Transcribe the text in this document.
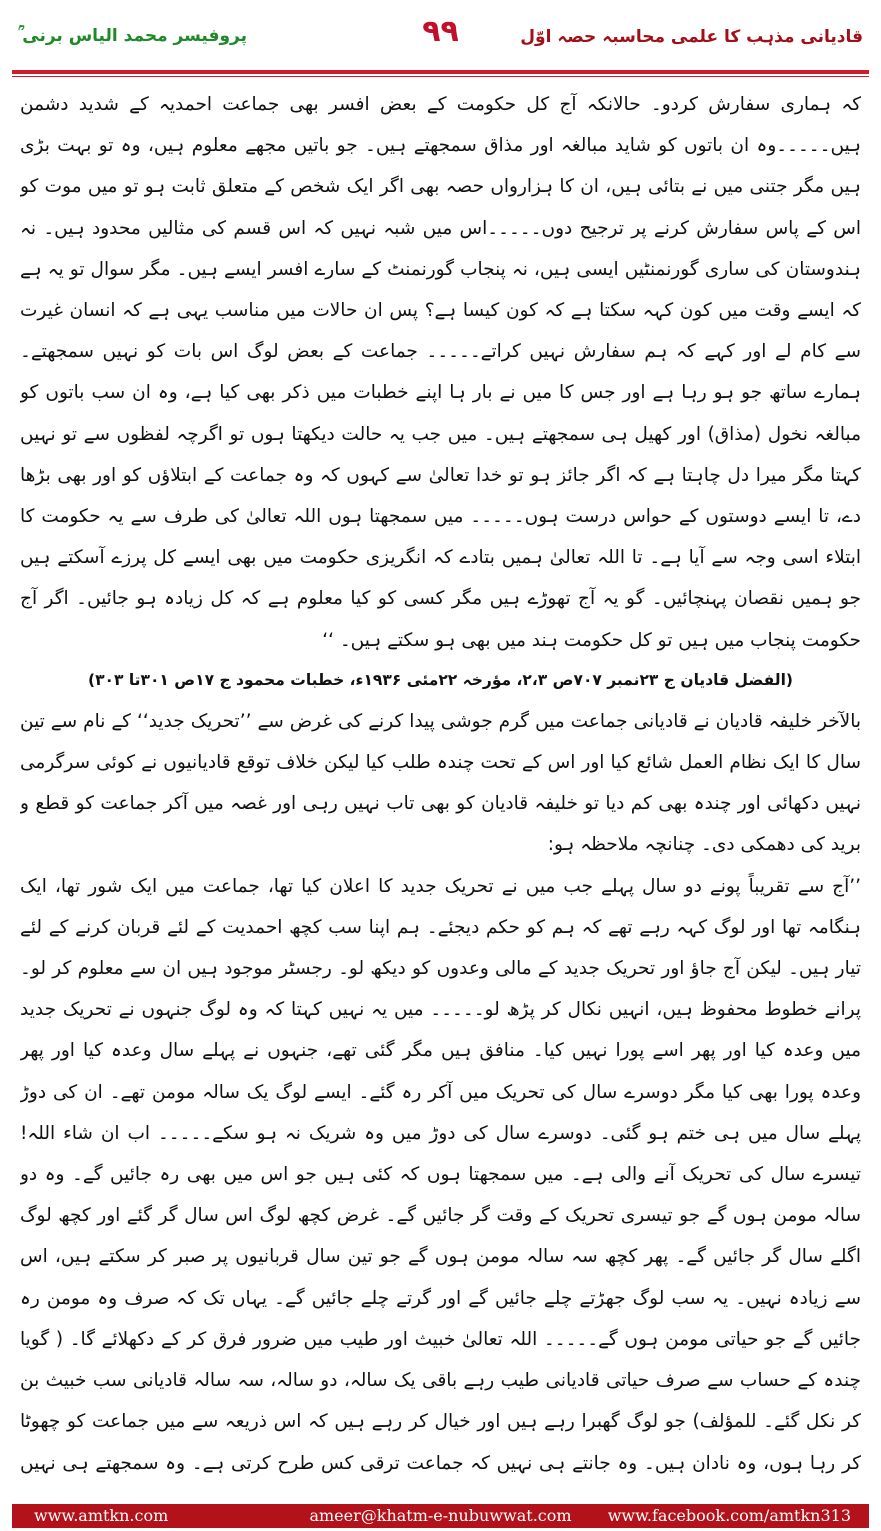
پروفیسر محمد الیاس برنی ؒ	۹۹	قادیانی مذہب کا علمی محاسبہ حصہ اوّل

کہ ہماری سفارش کردو۔ حالانکہ آج کل حکومت کے بعض افسر بھی جماعت احمدیہ کے شدید دشمن ہیں۔۔۔۔۔وہ ان باتوں کو شاید مبالغہ اور مذاق سمجھتے ہیں۔ جو باتیں مجھے معلوم ہیں، وہ تو بہت بڑی ہیں مگر جتنی میں نے بتائی ہیں، ان کا ہزارواں حصہ بھی اگر ایک شخص کے متعلق ثابت ہو تو میں موت کو اس کے پاس سفارش کرنے پر ترجیح دوں۔۔۔۔۔اس میں شبہ نہیں کہ اس قسم کی مثالیں محدود ہیں۔ نہ ہندوستان کی ساری گورنمنٹیں ایسی ہیں، نہ پنجاب گورنمنٹ کے سارے افسر ایسے ہیں۔ مگر سوال تو یہ ہے کہ ایسے وقت میں کون کہہ سکتا ہے کہ کون کیسا ہے؟ پس ان حالات میں مناسب یہی ہے کہ انسان غیرت سے کام لے اور کہے کہ ہم سفارش نہیں کراتے۔۔۔۔۔ جماعت کے بعض لوگ اس بات کو نہیں سمجھتے۔ ہمارے ساتھ جو ہو رہا ہے اور جس کا میں نے بار ہا اپنے خطبات میں ذکر بھی کیا ہے، وہ ان سب باتوں کو مبالغہ نخول (مذاق) اور کھیل ہی سمجھتے ہیں۔ میں جب یہ حالت دیکھتا ہوں تو اگرچہ لفظوں سے تو نہیں کہتا مگر میرا دل چاہتا ہے کہ اگر جائز ہو تو خدا تعالیٰ سے کہوں کہ وہ جماعت کے ابتلاؤں کو اور بھی بڑھا دے، تا ایسے دوستوں کے حواس درست ہوں۔۔۔۔۔ میں سمجھتا ہوں اللہ تعالیٰ کی طرف سے یہ حکومت کا ابتلاء اسی وجہ سے آیا ہے۔ تا اللہ تعالیٰ ہمیں بتادے کہ انگریزی حکومت میں بھی ایسے کل پرزے آسکتے ہیں جو ہمیں نقصان پہنچائیں۔ گو یہ آج تھوڑے ہیں مگر کسی کو کیا معلوم ہے کہ کل زیادہ ہو جائیں۔ اگر آج حکومت پنجاب میں ہیں تو کل حکومت ہند میں بھی ہو سکتے ہیں۔ ‘‘

(الفضل قادیان ج ۲۳نمبر ۷۰۷ص ۲،۳، مؤرخہ ۲۲مئی ۱۹۳۶ء، خطبات محمود ج ۱۷ص ۳۰۱تا ۳۰۳)

بالآخر خلیفہ قادیان نے قادیانی جماعت میں گرم جوشی پیدا کرنے کی غرض سے ’’تحریک جدید‘‘ کے نام سے تین سال کا ایک نظام العمل شائع کیا اور اس کے تحت چندہ طلب کیا لیکن خلاف توقع قادیانیوں نے کوئی سرگرمی نہیں دکھائی اور چندہ بھی کم دیا تو خلیفہ قادیان کو بھی تاب نہیں رہی اور غصہ میں آکر جماعت کو قطع و برید کی دھمکی دی۔ چنانچہ ملاحظہ ہو:

’’آج سے تقریباً پونے دو سال پہلے جب میں نے تحریک جدید کا اعلان کیا تھا، جماعت میں ایک شور تھا، ایک ہنگامہ تھا اور لوگ کہہ رہے تھے کہ ہم کو حکم دیجئے۔ ہم اپنا سب کچھ احمدیت کے لئے قربان کرنے کے لئے تیار ہیں۔ لیکن آج جاؤ اور تحریک جدید کے مالی وعدوں کو دیکھ لو۔ رجسٹر موجود ہیں ان سے معلوم کر لو۔ پرانے خطوط محفوظ ہیں، انہیں نکال کر پڑھ لو۔۔۔۔۔ میں یہ نہیں کہتا کہ وہ لوگ جنہوں نے تحریک جدید میں وعدہ کیا اور پھر اسے پورا نہیں کیا۔ منافق ہیں مگر گئی تھے، جنہوں نے پہلے سال وعدہ کیا اور پھر وعدہ پورا بھی کیا مگر دوسرے سال کی تحریک میں آکر رہ گئے۔ ایسے لوگ یک سالہ مومن تھے۔ ان کی دوڑ پہلے سال میں ہی ختم ہو گئی۔ دوسرے سال کی دوڑ میں وہ شریک نہ ہو سکے۔۔۔۔۔ اب ان شاء اللہ! تیسرے سال کی تحریک آنے والی ہے۔ میں سمجھتا ہوں کہ کئی ہیں جو اس میں بھی رہ جائیں گے۔ وہ دو سالہ مومن ہوں گے جو تیسری تحریک کے وقت گر جائیں گے۔ غرض کچھ لوگ اس سال گر گئے اور کچھ لوگ اگلے سال گر جائیں گے۔ پھر کچھ سہ سالہ مومن ہوں گے جو تین سال قربانیوں پر صبر کر سکتے ہیں، اس سے زیادہ نہیں۔ یہ سب لوگ جھڑتے چلے جائیں گے اور گرتے چلے جائیں گے۔ یہاں تک کہ صرف وہ مومن رہ جائیں گے جو حیاتی مومن ہوں گے۔۔۔۔۔ اللہ تعالیٰ خبیث اور طیب میں ضرور فرق کر کے دکھلائے گا۔ ( گویا چندہ کے حساب سے صرف حیاتی قادیانی طیب رہے باقی یک سالہ، دو سالہ، سہ سالہ قادیانی سب خبیث بن کر نکل گئے۔ للمؤلف) جو لوگ گھبرا رہے ہیں اور خیال کر رہے ہیں کہ اس ذریعہ سے میں جماعت کو چھوٹا کر رہا ہوں، وہ نادان ہیں۔ وہ جانتے ہی نہیں کہ جماعت ترقی کس طرح کرتی ہے۔ وہ سمجھتے ہی نہیں

www.amtkn.com	ameer@khatm-e-nubuwwat.com	www.facebook.com/amtkn313
